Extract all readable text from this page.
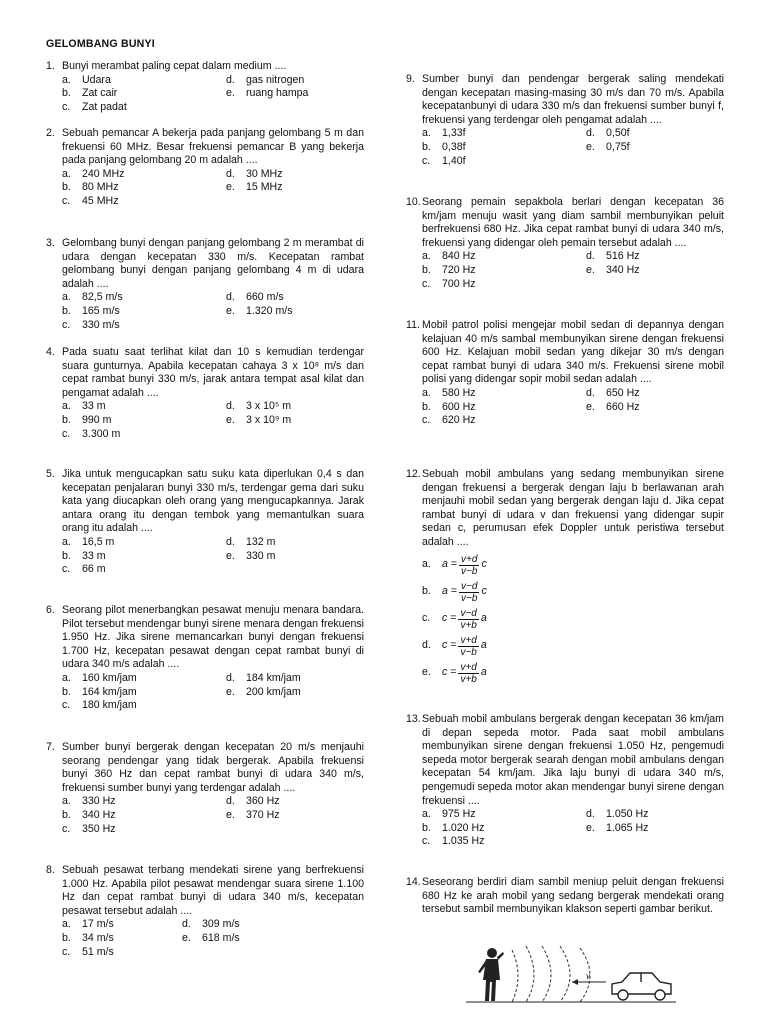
GELOMBANG BUNYI
1. Bunyi merambat paling cepat dalam medium ....
a.	Udara	d.	gas nitrogen
b.	Zat cair	e.	ruang hampa
c.	Zat padat
2. Sebuah pemancar A bekerja pada panjang gelombang 5 m dan frekuensi 60 MHz. Besar frekuensi pemancar B yang bekerja pada panjang gelombang 20 m adalah ....
a.	240 MHz	d.	30 MHz
b.	80 MHz	e.	15 MHz
c.	45 MHz
3. Gelombang bunyi dengan panjang gelombang 2 m merambat di udara dengan kecepatan 330 m/s. Kecepatan rambat gelombang bunyi dengan panjang gelombang 4 m di udara adalah ....
a.	82,5 m/s	d.	660 m/s
b.	165 m/s	e.	1.320 m/s
c.	330 m/s
4. Pada suatu saat terlihat kilat dan 10 s kemudian terdengar suara gunturnya. Apabila kecepatan cahaya 3 x 10⁸ m/s dan cepat rambat bunyi 330 m/s, jarak antara tempat asal kilat dan pengamat adalah ....
a.	33 m	d.	3 x 10⁵ m
b.	990 m	e.	3 x 10⁹ m
c.	3.300 m
5. Jika untuk mengucapkan satu suku kata diperlukan 0,4 s dan kecepatan penjalaran bunyi 330 m/s, terdengar gema dari suku kata yang diucapkan oleh orang yang mengucapkannya. Jarak antara orang itu dengan tembok yang memantulkan suara orang itu adalah ....
a.	16,5 m	d.	132 m
b.	33 m	e.	330 m
c.	66 m
6. Seorang pilot menerbangkan pesawat menuju menara bandara. Pilot tersebut mendengar bunyi sirene menara dengan frekuensi 1.950 Hz. Jika sirene memancarkan bunyi dengan frekuensi 1.700 Hz, kecepatan pesawat dengan cepat rambat bunyi di udara 340 m/s adalah ....
a.	160 km/jam	d.	184 km/jam
b.	164 km/jam	e.	200 km/jam
c.	180 km/jam
7. Sumber bunyi bergerak dengan kecepatan 20 m/s menjauhi seorang pendengar yang tidak bergerak. Apabila frekuensi bunyi 360 Hz dan cepat rambat bunyi di udara 340 m/s, frekuensi sumber bunyi yang terdengar adalah ....
a.	330 Hz	d.	360 Hz
b.	340 Hz	e.	370 Hz
c.	350 Hz
8. Sebuah pesawat terbang mendekati sirene yang berfrekuensi 1.000 Hz. Apabila pilot pesawat mendengar suara sirene 1.100 Hz dan cepat rambat bunyi di udara 340 m/s, kecepatan pesawat tersebut adalah ....
a.	17 m/s	d.	309 m/s
b.	34 m/s	e.	618 m/s
c.	51 m/s
9. Sumber bunyi dan pendengar bergerak saling mendekati dengan kecepatan masing-masing 30 m/s dan 70 m/s. Apabila kecepatanbunyi di udara 330 m/s dan frekuensi sumber bunyi f, frekuensi yang terdengar oleh pengamat adalah ....
a.	1,33f	d.	0,50f
b.	0,38f	e.	0,75f
c.	1,40f
10. Seorang pemain sepakbola berlari dengan kecepatan 36 km/jam menuju wasit yang diam sambil membunyikan peluit berfrekuensi 680 Hz. Jika cepat rambat bunyi di udara 340 m/s, frekuensi yang didengar oleh pemain tersebut adalah ....
a.	840 Hz	d.	516 Hz
b.	720 Hz	e.	340 Hz
c.	700 Hz
11. Mobil patrol polisi mengejar mobil sedan di depannya dengan kelajuan 40 m/s sambal membunyikan sirene dengan frekuensi 600 Hz. Kelajuan mobil sedan yang dikejar 30 m/s dengan cepat rambat bunyi di udara 340 m/s. Frekuensi sirene mobil polisi yang didengar sopir mobil sedan adalah ....
a.	580 Hz	d.	650 Hz
b.	600 Hz	e.	660 Hz
c.	620 Hz
12. Sebuah mobil ambulans yang sedang membunyikan sirene dengan frekuensi a bergerak dengan laju b berlawanan arah menjauhi mobil sedan yang bergerak dengan laju d. Jika cepat rambat bunyi di udara v dan frekuensi yang didengar supir sedan c, perumusan efek Doppler untuk peristiwa tersebut adalah ....
a.	$a = \frac{v+d}{v-b}$ c
b.	$a = \frac{v-d}{v-b}$ c
c.	$c = \frac{v-d}{v+b}$ a
d.	$c = \frac{v+d}{v-b}$ a
e.	$c = \frac{v+d}{v+b}$ a
13. Sebuah mobil ambulans bergerak dengan kecepatan 36 km/jam di depan sepeda motor. Pada saat mobil ambulans membunyikan sirene dengan frekuensi 1.050 Hz, pengemudi sepeda motor bergerak searah dengan mobil ambulans dengan kecepatan 54 km/jam. Jika laju bunyi di udara 340 m/s, pengemudi sepeda motor akan mendengar bunyi sirene dengan frekuensi ....
a.	975 Hz	d.	1.050 Hz
b.	1.020 Hz	e.	1.065 Hz
c.	1.035 Hz
14. Seseorang berdiri diam sambil meniup peluit dengan frekuensi 680 Hz ke arah mobil yang sedang bergerak mendekati orang tersebut sambil membunyikan klakson seperti gambar berikut.
v
